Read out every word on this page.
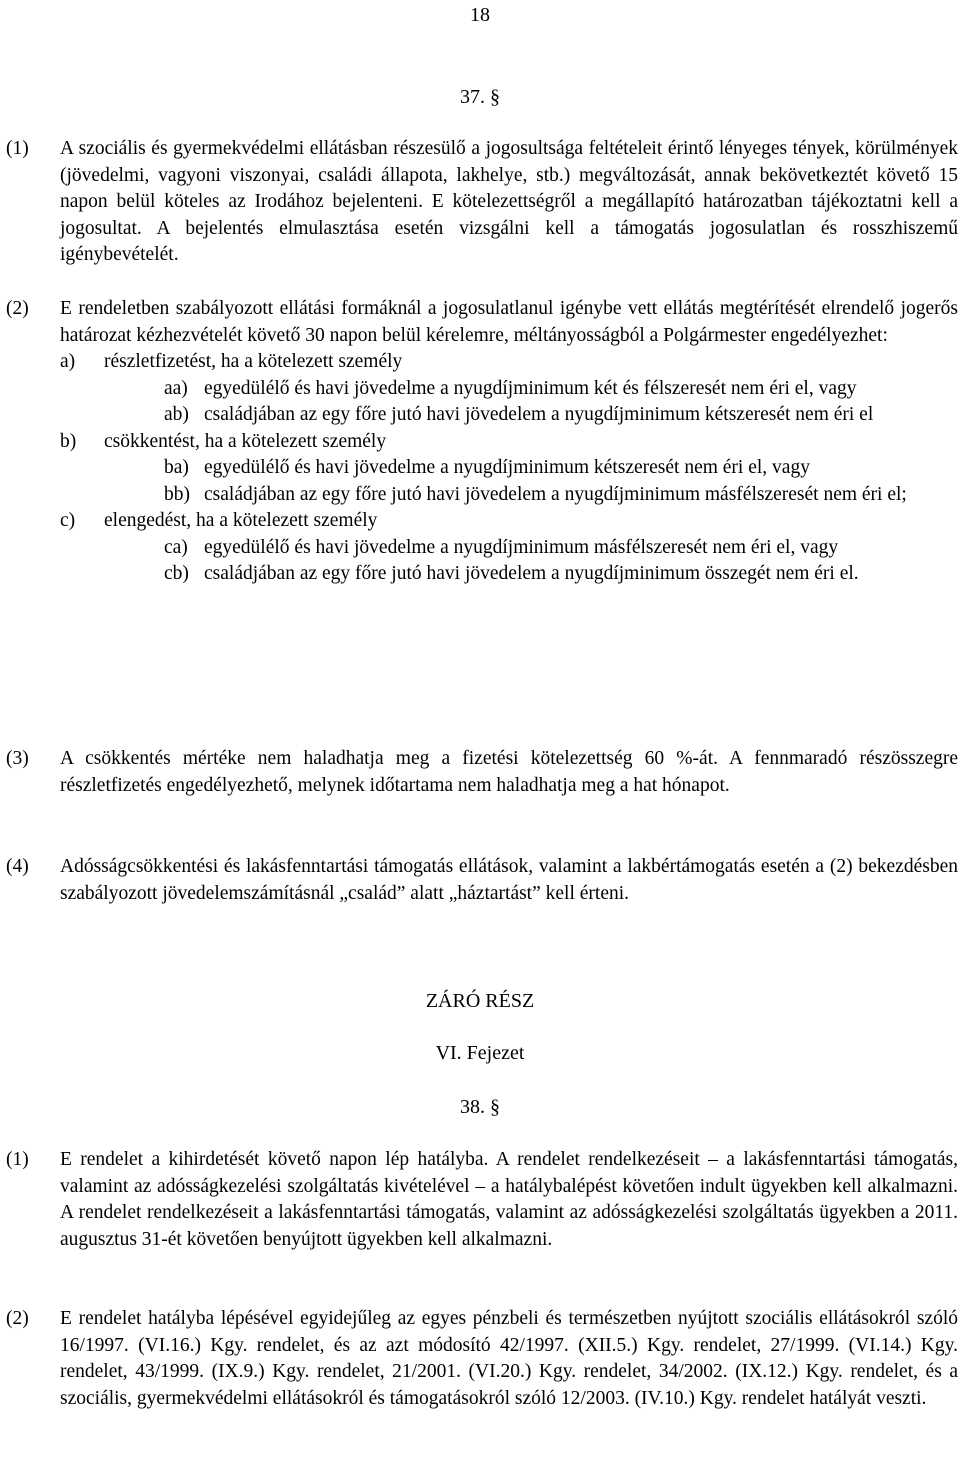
18
37. §
(1) A szociális és gyermekvédelmi ellátásban részesülő a jogosultsága feltételeit érintő lényeges tények, körülmények (jövedelmi, vagyoni viszonyai, családi állapota, lakhelye, stb.) megváltozását, annak bekövetkeztét követő 15 napon belül köteles az Irodához bejelenteni. E kötelezettségről a megállapító határozatban tájékoztatni kell a jogosultat. A bejelentés elmulasztása esetén vizsgálni kell a támogatás jogosulatlan és rosszhiszemű igénybevételét.

(2) E rendeletben szabályozott ellátási formáknál a jogosulatlanul igénybe vett ellátás megtérítését elrendelő jogerős határozat kézhezvételét követő 30 napon belül kérelemre, méltányosságból a Polgármester engedélyezhet:

a) részletfizetést, ha a kötelezett személy
aa) egyedülélő és havi jövedelme a nyugdíjminimum két és félszeresét nem éri el, vagy
ab) családjában az egy főre jutó havi jövedelem a nyugdíjminimum kétszeresét nem éri el
b) csökkentést, ha a kötelezett személy
ba) egyedülélő és havi jövedelme a nyugdíjminimum kétszeresét nem éri el, vagy
bb) családjában az egy főre jutó havi jövedelem a nyugdíjminimum másfélszeresét nem éri el;
c) elengedést, ha a kötelezett személy
ca) egyedülélő és havi jövedelme a nyugdíjminimum másfélszeresét nem éri el, vagy
cb) családjában az egy főre jutó havi jövedelem a nyugdíjminimum összegét nem éri el.
(3) A csökkentés mértéke nem haladhatja meg a fizetési kötelezettség 60 %-át. A fennmaradó részösszegre részletfizetés engedélyezhető, melynek időtartama nem haladhatja meg a hat hónapot.

(4) Adósságcsökkentési és lakásfenntartási támogatás ellátások, valamint a lakbértámogatás esetén a (2) bekezdésben szabályozott jövedelemszámításnál „család” alatt „háztartást” kell érteni.

ZÁRÓ RÉSZ
VI. Fejezet
38. §
(1) E rendelet a kihirdetését követő napon lép hatályba. A rendelet rendelkezéseit – a lakásfenntartási támogatás, valamint az adósságkezelési szolgáltatás kivételével – a hatálybalépést követően indult ügyekben kell alkalmazni. A rendelet rendelkezéseit a lakásfenntartási támogatás, valamint az adósságkezelési szolgáltatás ügyekben a 2011. augusztus 31-ét követően benyújtott ügyekben kell alkalmazni.

(2) E rendelet hatályba lépésével egyidejűleg az egyes pénzbeli és természetben nyújtott szociális ellátásokról szóló 16/1997. (VI.16.) Kgy. rendelet, és az azt módosító 42/1997. (XII.5.) Kgy. rendelet, 27/1999. (VI.14.) Kgy. rendelet, 43/1999. (IX.9.) Kgy. rendelet, 21/2001. (VI.20.) Kgy. rendelet, 34/2002. (IX.12.) Kgy. rendelet, és a szociális, gyermekvédelmi ellátásokról és támogatásokról szóló 12/2003. (IV.10.) Kgy. rendelet hatályát veszti.
